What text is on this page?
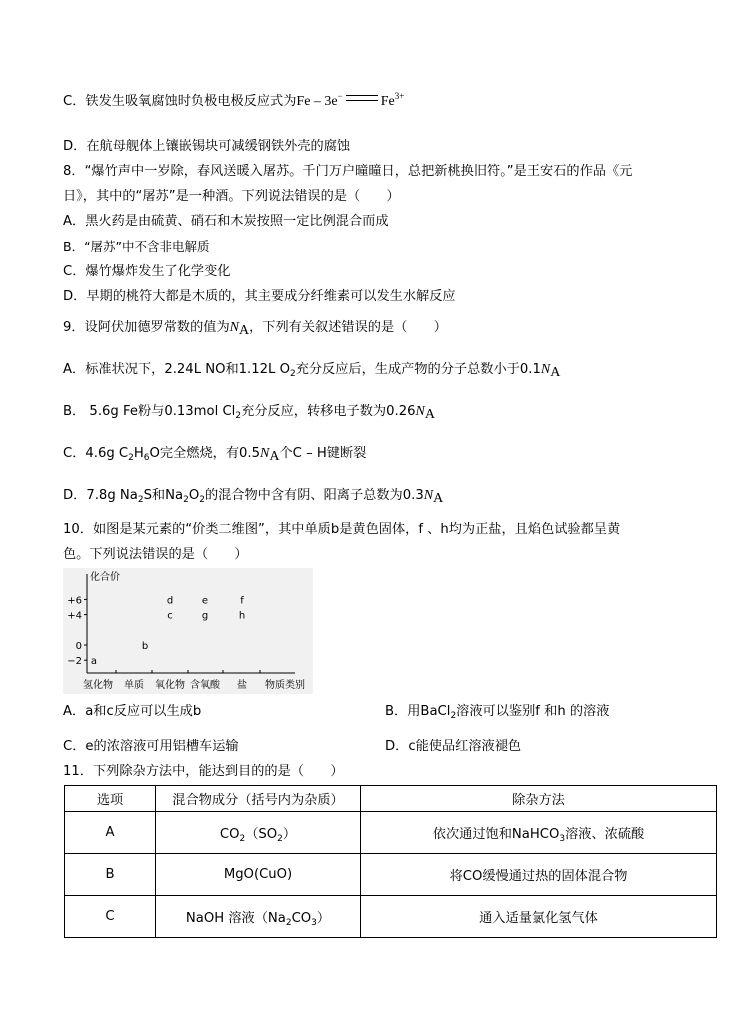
C．铁发生吸氧腐蚀时负极电极反应式为Fe – 3e−	$Fe^{3+}$
D．在航母舰体上镶嵌锡块可减缓钢铁外壳的腐蚀
8．“爆竹声中一岁除，春风送暖入屠苏。千门万户曈曈日，总把新桃换旧符。”是王安石的作品《元
日》，其中的“屠苏”是一种酒。下列说法错误的是（　　）
A．黑火药是由硫黄、硝石和木炭按照一定比例混合而成
B．“屠苏”中不含非电解质
C．爆竹爆炸发生了化学变化
D．早期的桃符大都是木质的，其主要成分纤维素可以发生水解反应
9．设阿伏加德罗常数的值为$N_A$，下列有关叙述错误的是（　　）
A．标准状况下，2.24L NO和1.12L $O_2$充分反应后，生成产物的分子总数小于$0.1N_A$
B． 5.6g Fe粉与0.13mol $Cl_2$充分反应，转移电子数为$0.26N_A$
C．4.6g $C_2H_6O$完全燃烧，有$0.5N_A$个C – H键断裂
D．7.8g $Na_2S$和$Na_2O_2$的混合物中含有阴、阳离子总数为$0.3N_A$
10．如图是某元素的“价类二维图”，其中单质b是黄色固体，f 、h均为正盐，且焰色试验都呈黄
色。下列说法错误的是（　　）
化合价
+6
+4
0
−2
氢化物 单质 氧化物 含氧酸 盐 物质类别
a
b
c
d	e
g
f
h
A．a和c反应可以生成b	B．用BaCl$_2$溶液可以鉴别f 和h 的溶液
C．e的浓溶液可用铝槽车运输	D．c能使品红溶液褪色
11．下列除杂方法中，能达到目的的是（　　）
选项	混合物成分（括号内为杂质）	除杂方法
A	$CO_2(SO_2)$	依次通过饱和NaHCO$_3$溶液、浓硫酸
B	MgO(CuO)	将CO缓慢通过热的固体混合物
C	NaOH 溶液$(Na_2CO_3)$	通入适量氯化氢气体
